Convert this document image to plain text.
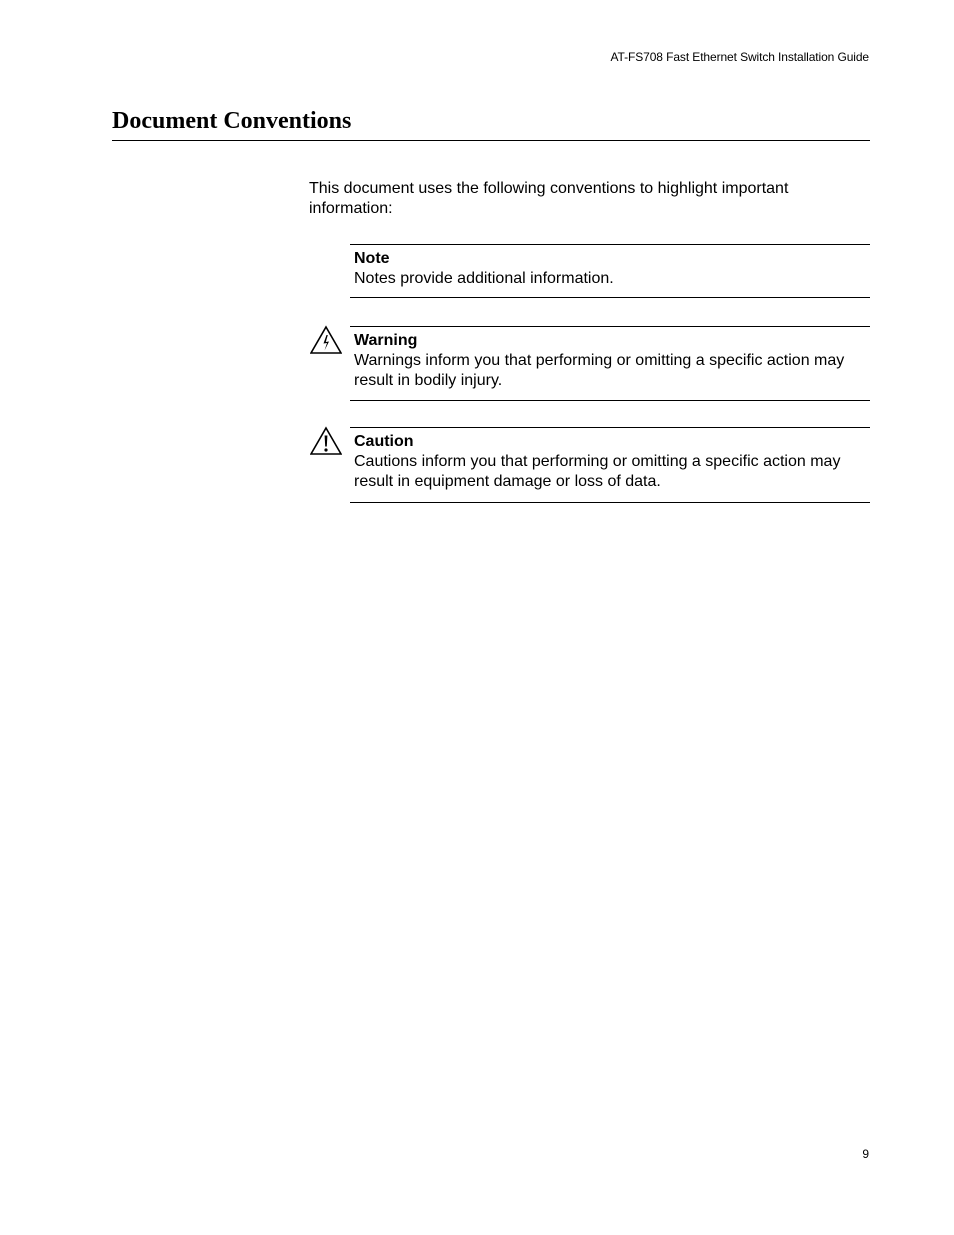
AT-FS708 Fast Ethernet Switch Installation Guide
Document Conventions

This document uses the following conventions to highlight important information:

Note
Notes provide additional information.
Warning
Warnings inform you that performing or omitting a specific action may result in bodily injury.
Caution
Cautions inform you that performing or omitting a specific action may result in equipment damage or loss of data.
9
